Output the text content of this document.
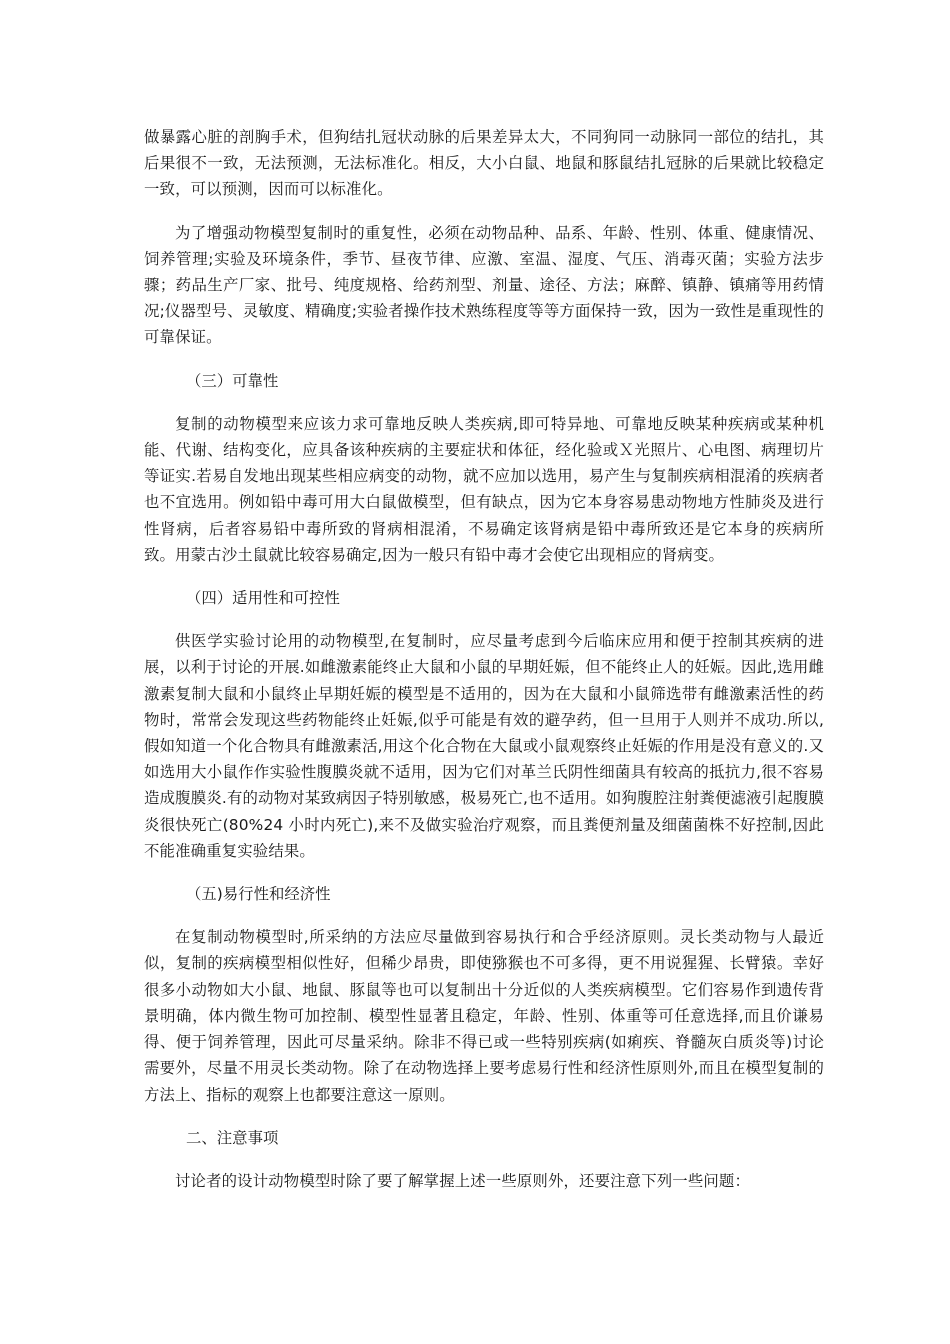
做暴露心脏的剖胸手术，但狗结扎冠状动脉的后果差异太大，不同狗同一动脉同一部位的结扎，其后果很不一致，无法预测，无法标准化。相反，大小白鼠、地鼠和豚鼠结扎冠脉的后果就比较稳定一致，可以预测，因而可以标准化。

为了增强动物模型复制时的重复性，必须在动物品种、品系、年龄、性别、体重、健康情况、饲养管理;实验及环境条件，季节、昼夜节律、应激、室温、湿度、气压、消毒灭菌；实验方法步骤；药品生产厂家、批号、纯度规格、给药剂型、剂量、途径、方法；麻醉、镇静、镇痛等用药情况;仪器型号、灵敏度、精确度;实验者操作技术熟练程度等等方面保持一致，因为一致性是重现性的可靠保证。

（三）可靠性

复制的动物模型来应该力求可靠地反映人类疾病,即可特异地、可靠地反映某种疾病或某种机能、代谢、结构变化，应具备该种疾病的主要症状和体征，经化验或Ｘ光照片、心电图、病理切片等证实.若易自发地出现某些相应病变的动物，就不应加以选用，易产生与复制疾病相混淆的疾病者也不宜选用。例如铅中毒可用大白鼠做模型，但有缺点，因为它本身容易患动物地方性肺炎及进行性肾病，后者容易铅中毒所致的肾病相混淆，不易确定该肾病是铅中毒所致还是它本身的疾病所致。用蒙古沙土鼠就比较容易确定,因为一般只有铅中毒才会使它出现相应的肾病变。

（四）适用性和可控性

供医学实验讨论用的动物模型,在复制时，应尽量考虑到今后临床应用和便于控制其疾病的进展，以利于讨论的开展.如雌激素能终止大鼠和小鼠的早期妊娠，但不能终止人的妊娠。因此,选用雌激素复制大鼠和小鼠终止早期妊娠的模型是不适用的，因为在大鼠和小鼠筛选带有雌激素活性的药物时，常常会发现这些药物能终止妊娠,似乎可能是有效的避孕药，但一旦用于人则并不成功.所以,假如知道一个化合物具有雌激素活,用这个化合物在大鼠或小鼠观察终止妊娠的作用是没有意义的.又如选用大小鼠作作实验性腹膜炎就不适用，因为它们对革兰氏阴性细菌具有较高的抵抗力,很不容易造成腹膜炎.有的动物对某致病因子特别敏感，极易死亡,也不适用。如狗腹腔注射粪便滤液引起腹膜炎很快死亡(80%24 小时内死亡),来不及做实验治疗观察，而且粪便剂量及细菌菌株不好控制,因此不能准确重复实验结果。

（五)易行性和经济性

在复制动物模型时,所采纳的方法应尽量做到容易执行和合乎经济原则。灵长类动物与人最近似，复制的疾病模型相似性好，但稀少昂贵，即使猕猴也不可多得，更不用说猩猩、长臂猿。幸好很多小动物如大小鼠、地鼠、豚鼠等也可以复制出十分近似的人类疾病模型。它们容易作到遗传背景明确，体内微生物可加控制、模型性显著且稳定，年龄、性别、体重等可任意选择,而且价谦易得、便于饲养管理，因此可尽量采纳。除非不得已或一些特别疾病(如痢疾、脊髓灰白质炎等)讨论需要外，尽量不用灵长类动物。除了在动物选择上要考虑易行性和经济性原则外,而且在模型复制的方法上、指标的观察上也都要注意这一原则。

二、注意事项

讨论者的设计动物模型时除了要了解掌握上述一些原则外，还要注意下列一些问题：
